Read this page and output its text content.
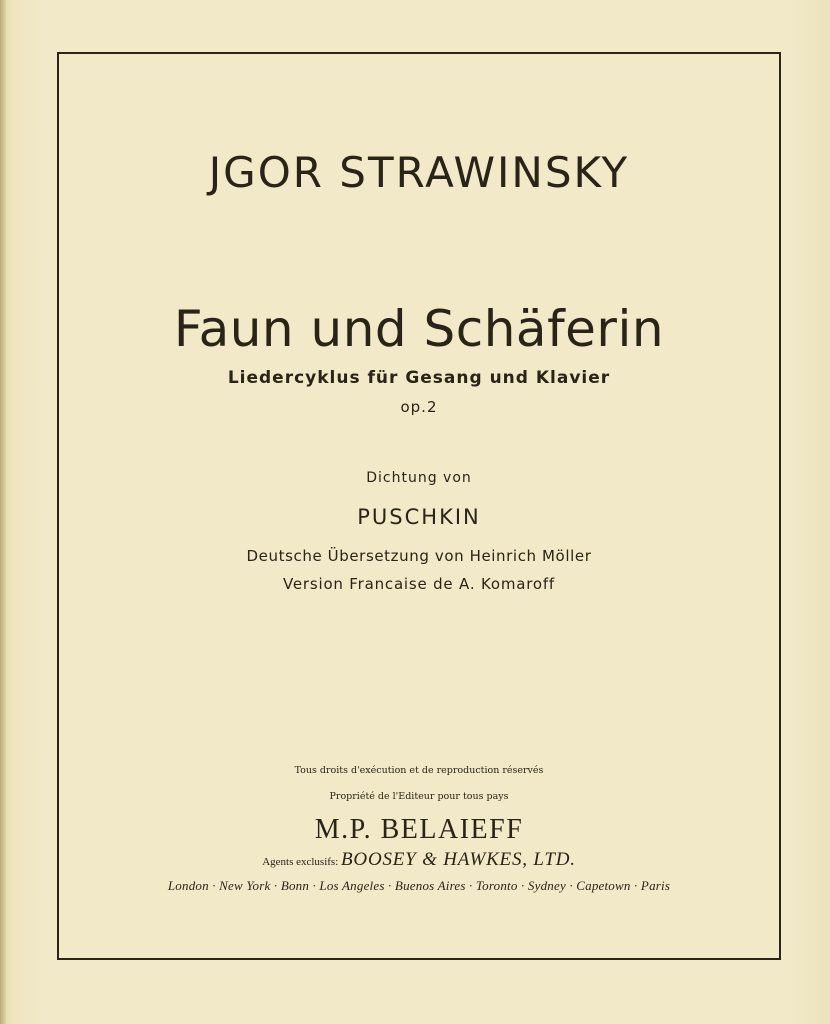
JGOR STRAWINSKY
Faun und Schäferin
Liedercyklus für Gesang und Klavier
op.2
Dichtung von
PUSCHKIN
Deutsche Übersetzung von Heinrich Möller
Version Francaise de A. Komaroff
Tous droits d'exécution et de reproduction réservés
Propriété de l'Editeur pour tous pays
M.P. BELAIEFF
Agents exclusifs: BOOSEY & HAWKES, LTD.
London · New York · Bonn · Los Angeles · Buenos Aires · Toronto · Sydney · Capetown · Paris
